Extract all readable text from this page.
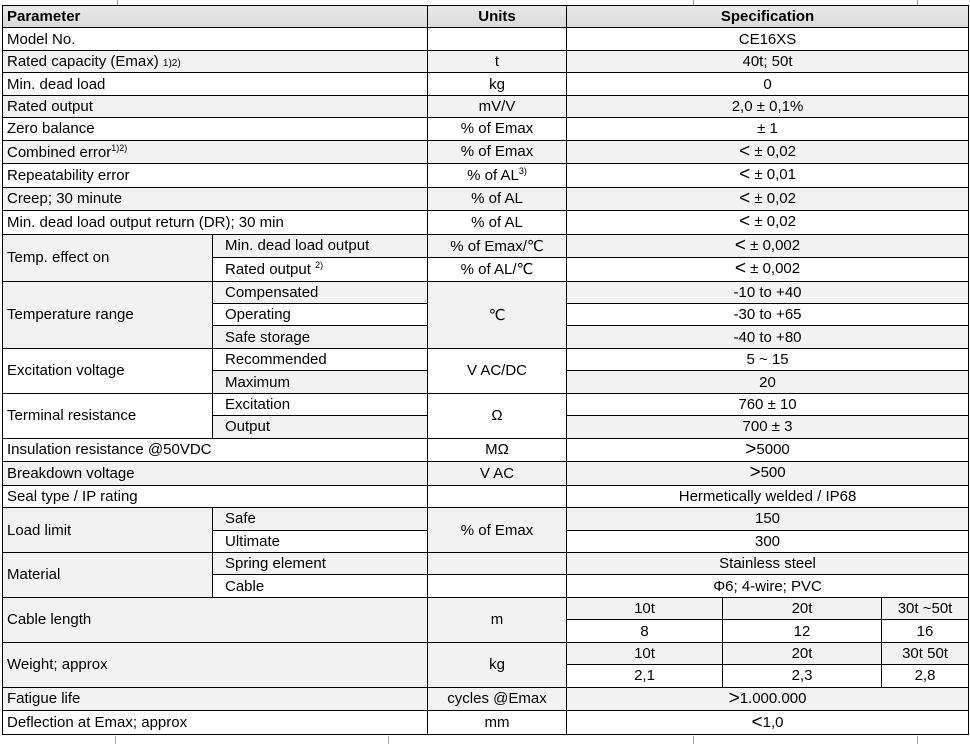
Parameter		Units	Specification		
Model No.			CE16XS		
Rated capacity (Emax) 1)2)		t	40t; 50t		
Min. dead load		kg	0		
Rated output		mV/V	2,0 ± 0,1%		
Zero balance		% of Emax	± 1		
Combined error$^{1)2)}$		% of Emax	< ± 0,02		
Repeatability error		% of $AL^{3)}$	< ± 0,01		
Creep; 30 minute		% of AL	< ± 0,02		
Min. dead load output return (DR); 30 min		% of AL	< ± 0,02		
Temp. effect on	Min. dead load output	% of Emax/℃	< ± 0,002		
	Rated output $^{2)}$	% of AL/℃	< ± 0,002		
Temperature range	Compensated	℃	-10 to +40		
	Operating		-30 to +65		
	Safe storage		-40 to +80		
Excitation voltage	Recommended	V AC/DC	5 ~ 15		
	Maximum		20		
Terminal resistance	Excitation	Ω	760 ± 10		
	Output		700 ± 3		
Insulation resistance @50VDC		MΩ	>5000		
Breakdown voltage		V AC	>500		
Seal type / IP rating			Hermetically welded / IP68		
Load limit	Safe	% of Emax	150		
	Ultimate		300		
Material	Spring element		Stainless steel		
	Cable		Φ6; 4-wire; PVC		
Cable length		m	10t	20t	30t ~50t
			8	12	16
Weight; approx		kg	10t	20t	30t 50t
			2,1	2,3	2,8
Fatigue life		cycles @Emax	>1.000.000		
Deflection at Emax; approx		mm	<1,0		
